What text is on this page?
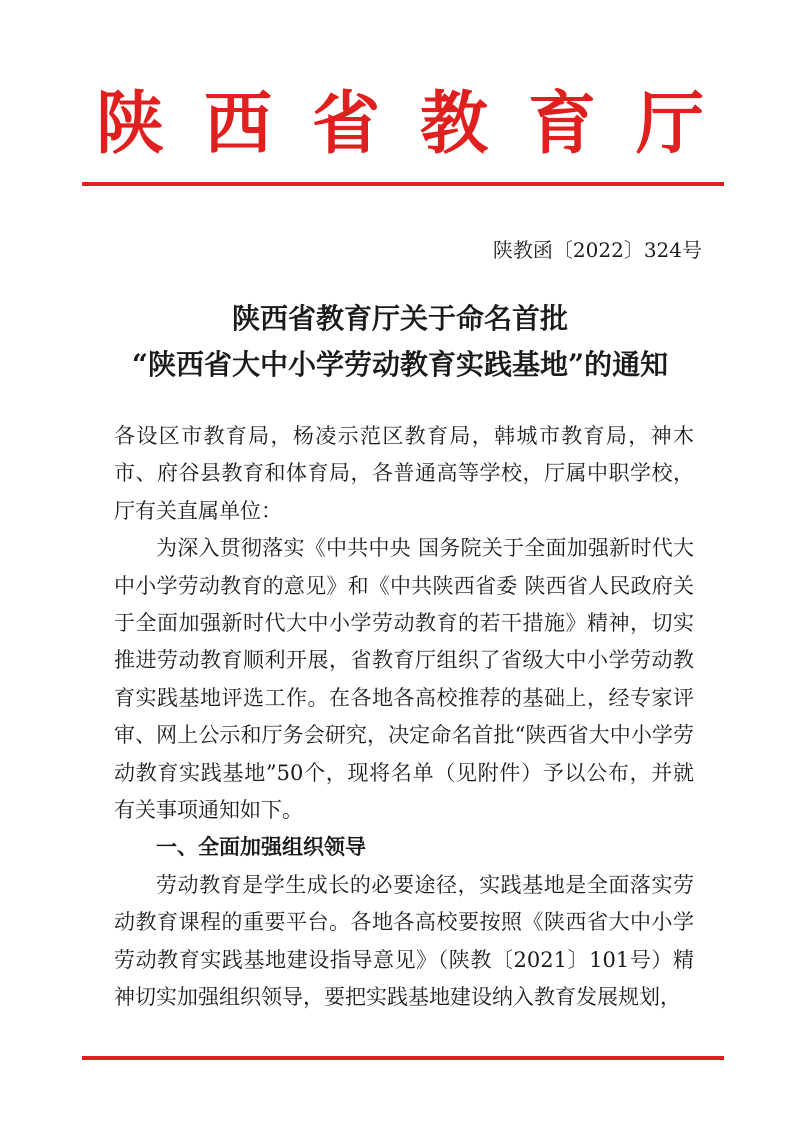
陕西省教育厅
陕教函〔2022〕324号
陕西省教育厅关于命名首批
“陕西省大中小学劳动教育实践基地”的通知

各设区市教育局，杨凌示范区教育局，韩城市教育局，神木市、府谷县教育和体育局，各普通高等学校，厅属中职学校，厅有关直属单位：

为深入贯彻落实《中共中央 国务院关于全面加强新时代大中小学劳动教育的意见》和《中共陕西省委 陕西省人民政府关于全面加强新时代大中小学劳动教育的若干措施》精神，切实推进劳动教育顺利开展，省教育厅组织了省级大中小学劳动教育实践基地评选工作。在各地各高校推荐的基础上，经专家评审、网上公示和厅务会研究，决定命名首批“陕西省大中小学劳动教育实践基地”50个，现将名单（见附件）予以公布，并就有关事项通知如下。

一、全面加强组织领导

劳动教育是学生成长的必要途径，实践基地是全面落实劳动教育课程的重要平台。各地各高校要按照《陕西省大中小学劳动教育实践基地建设指导意见》（陕教〔2021〕101号）精神切实加强组织领导，要把实践基地建设纳入教育发展规划，
